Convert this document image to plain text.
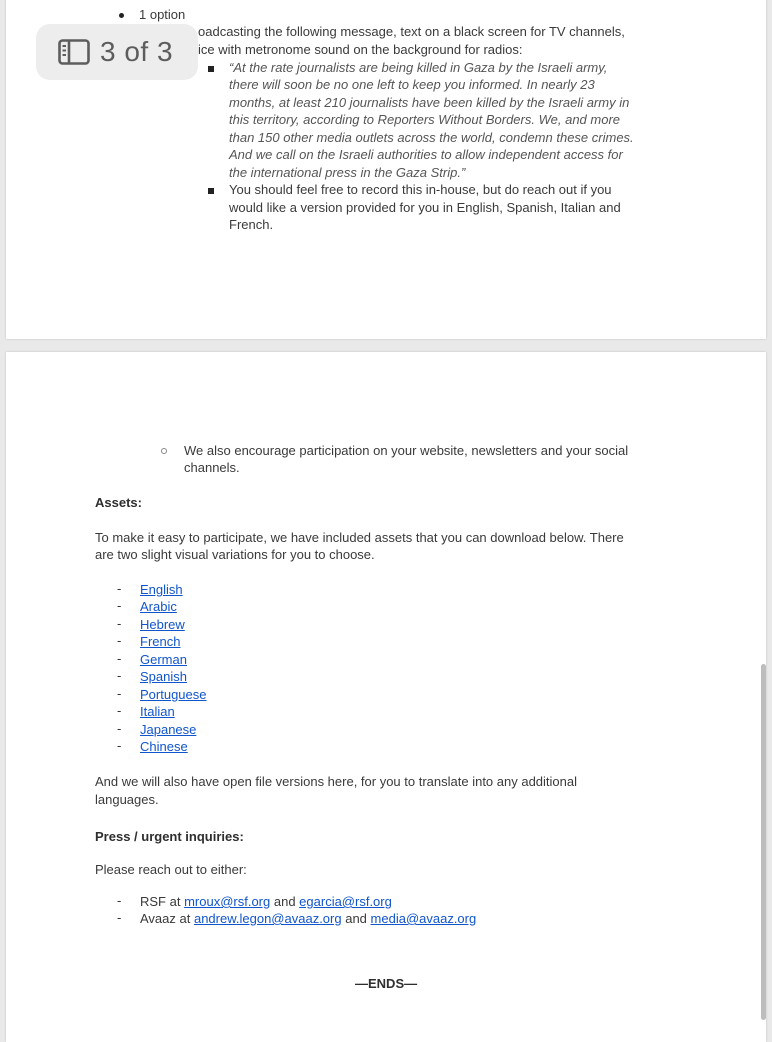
1 option
oadcasting the following message, text on a black screen for TV channels,
ice with metronome sound on the background for radios:
“At the rate journalists are being killed in Gaza by the Israeli army,
there will soon be no one left to keep you informed. In nearly 23
months, at least 210 journalists have been killed by the Israeli army in
this territory, according to Reporters Without Borders. We, and more
than 150 other media outlets across the world, condemn these crimes.
And we call on the Israeli authorities to allow independent access for
the international press in the Gaza Strip.”
You should feel free to record this in-house, but do reach out if you
would like a version provided for you in English, Spanish, Italian and
French.
We also encourage participation on your website, newsletters and your social
channels.
Assets:
To make it easy to participate, we have included assets that you can download below. There
are two slight visual variations for you to choose.
- English
- Arabic
- Hebrew
- French
- German
- Spanish
- Portuguese
- Italian
- Japanese
- Chinese
And we will also have open file versions here, for you to translate into any additional
languages.
Press / urgent inquiries:
Please reach out to either:
- RSF at mroux@rsf.org and egarcia@rsf.org
- Avaaz at andrew.legon@avaaz.org and media@avaaz.org
—ENDS—
3 of 3
